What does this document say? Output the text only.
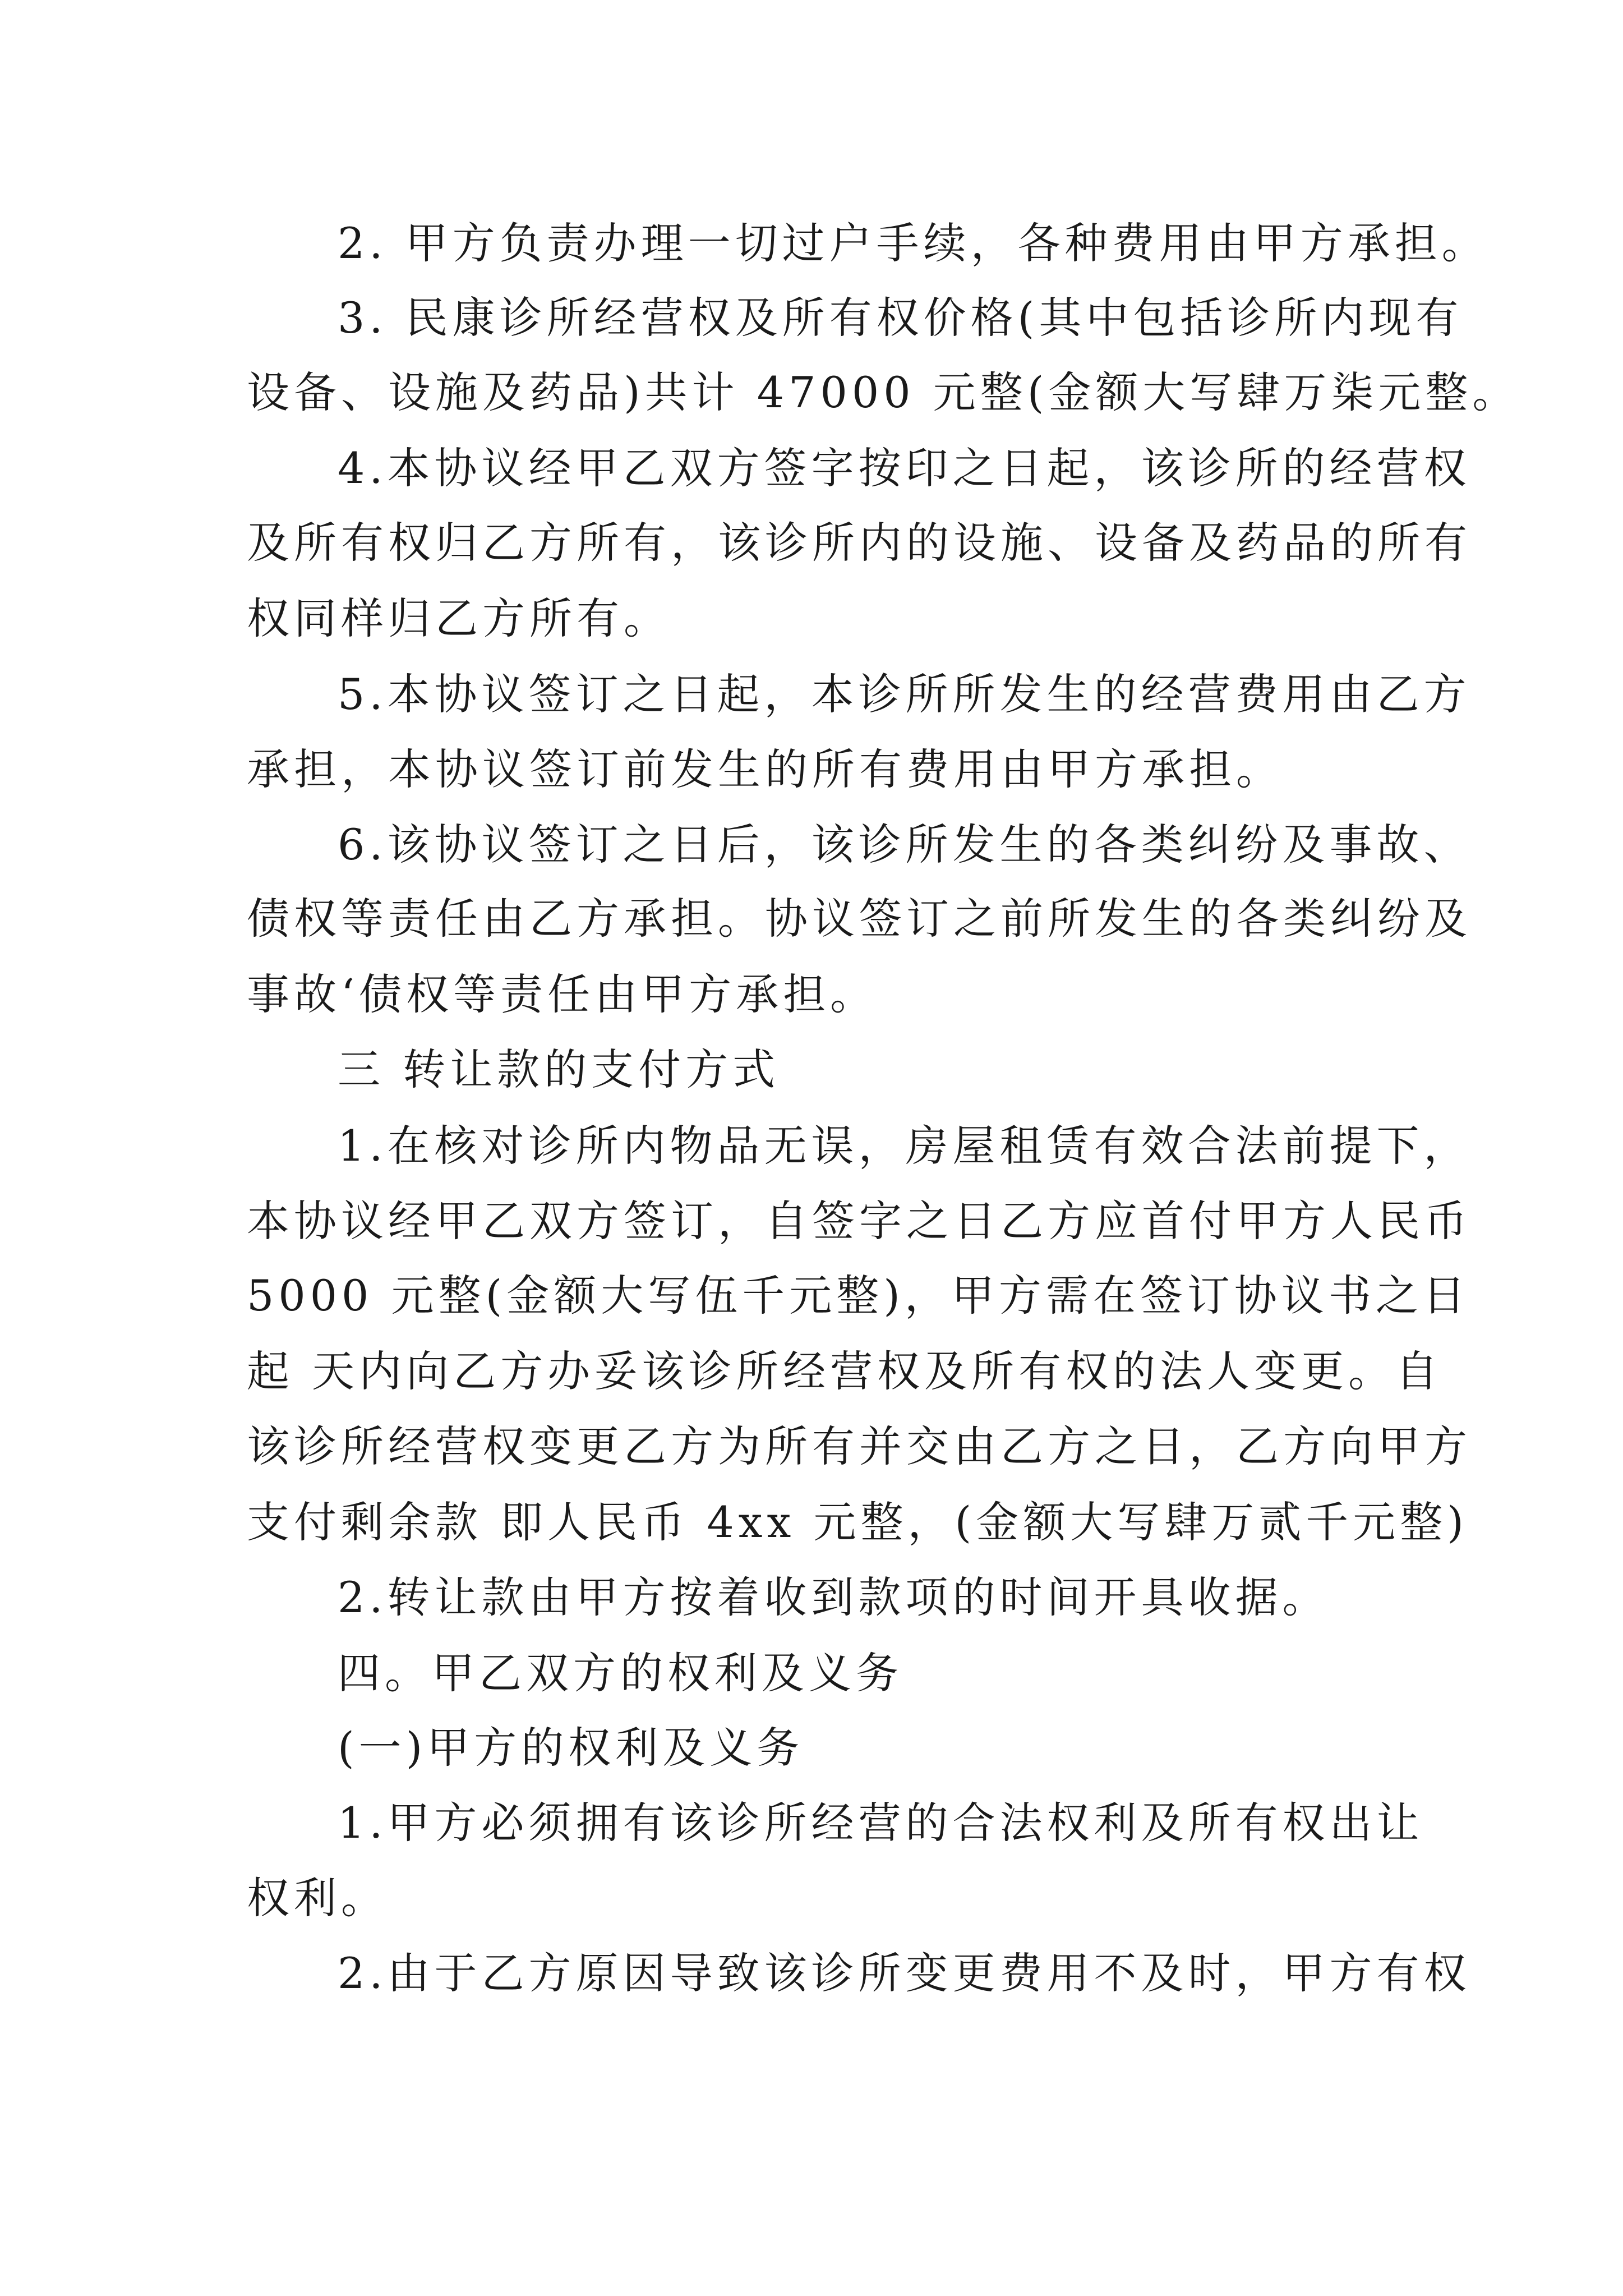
2. 甲方负责办理一切过户手续，各种费用由甲方承担。
3. 民康诊所经营权及所有权价格(其中包括诊所内现有
设备、设施及药品)共计 47000 元整(金额大写肆万柒元整。
4.本协议经甲乙双方签字按印之日起，该诊所的经营权
及所有权归乙方所有，该诊所内的设施、设备及药品的所有
权同样归乙方所有。
5.本协议签订之日起，本诊所所发生的经营费用由乙方
承担，本协议签订前发生的所有费用由甲方承担。
6.该协议签订之日后，该诊所发生的各类纠纷及事故、
债权等责任由乙方承担。协议签订之前所发生的各类纠纷及
事故‘债权等责任由甲方承担。
三 转让款的支付方式
1.在核对诊所内物品无误，房屋租赁有效合法前提下，
本协议经甲乙双方签订，自签字之日乙方应首付甲方人民币
5000 元整(金额大写伍千元整)，甲方需在签订协议书之日
起 天内向乙方办妥该诊所经营权及所有权的法人变更。自
该诊所经营权变更乙方为所有并交由乙方之日，乙方向甲方
支付剩余款 即人民币 4xx 元整，(金额大写肆万贰千元整)
2.转让款由甲方按着收到款项的时间开具收据。
四。甲乙双方的权利及义务
(一)甲方的权利及义务
1.甲方必须拥有该诊所经营的合法权利及所有权出让
权利。
2.由于乙方原因导致该诊所变更费用不及时，甲方有权
